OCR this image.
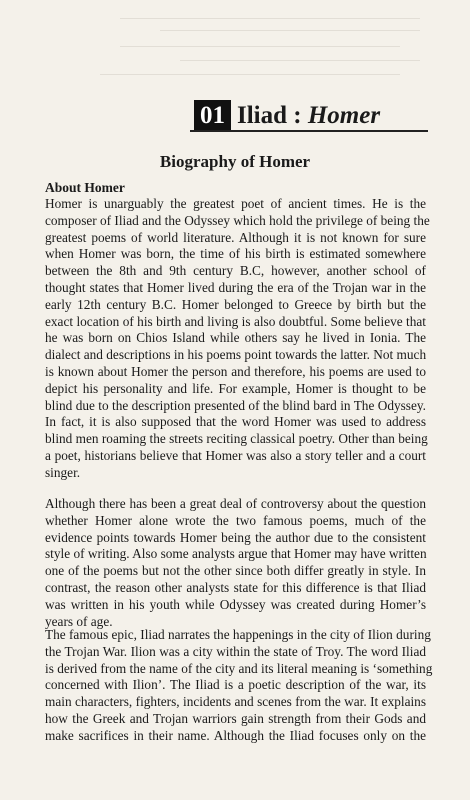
01 Iliad : Homer
Biography of Homer
About Homer
Homer is unarguably the greatest poet of ancient times. He is the
composer of Iliad and the Odyssey which hold the privilege of being the
greatest poems of world literature. Although it is not known for sure
when Homer was born, the time of his birth is estimated somewhere
between the 8th and 9th century B.C, however, another school of
thought states that Homer lived during the era of the Trojan war in the
early 12th century B.C. Homer belonged to Greece by birth but the
exact location of his birth and living is also doubtful. Some believe that
he was born on Chios Island while others say he lived in Ionia. The
dialect and descriptions in his poems point towards the latter. Not much
is known about Homer the person and therefore, his poems are used to
depict his personality and life. For example, Homer is thought to be
blind due to the description presented of the blind bard in The Odyssey.
In fact, it is also supposed that the word Homer was used to address
blind men roaming the streets reciting classical poetry. Other than being
a poet, historians believe that Homer was also a story teller and a court
singer.
Although there has been a great deal of controversy about the question
whether Homer alone wrote the two famous poems, much of the
evidence points towards Homer being the author due to the consistent
style of writing. Also some analysts argue that Homer may have written
one of the poems but not the other since both differ greatly in style. In
contrast, the reason other analysts state for this difference is that Iliad
was written in his youth while Odyssey was created during Homer’s
years of age.
The famous epic, Iliad narrates the happenings in the city of Ilion during
the Trojan War. Ilion was a city within the state of Troy. The word Iliad
is derived from the name of the city and its literal meaning is ‘something
concerned with Ilion’. The Iliad is a poetic description of the war, its
main characters, fighters, incidents and scenes from the war. It explains
how the Greek and Trojan warriors gain strength from their Gods and
make sacrifices in their name. Although the Iliad focuses only on the
